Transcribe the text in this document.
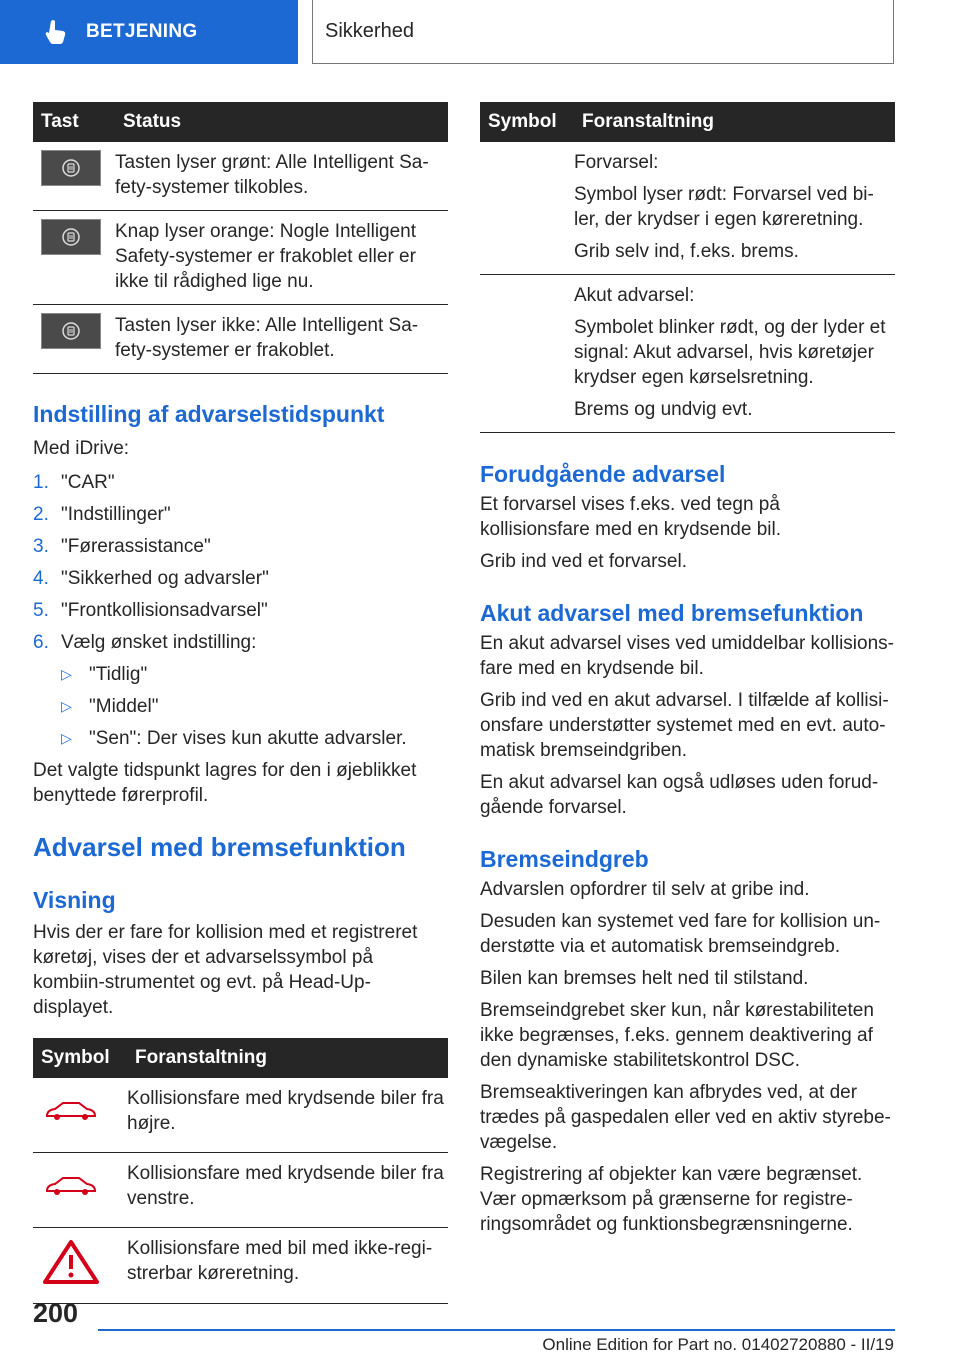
BETJENING	Sikkerhed
Tast	Status

	Tasten lyser grønt: Alle Intelligent Sa-fety-systemer tilkobles.

	Knap lyser orange: Nogle Intelligent Safety-systemer er frakoblet eller er ikke til rådighed lige nu.

	Tasten lyser ikke: Alle Intelligent Sa-fety-systemer er frakoblet.
Indstilling af advarselstidspunkt

Med iDrive:

1. "CAR"
2. "Indstillinger"
3. "Førerassistance"
4. "Sikkerhed og advarsler"
5. "Frontkollisionsadvarsel"
6. Vælg ønsket indstilling:
▷ "Tidlig"
▷ "Middel"
▷ "Sen": Der vises kun akutte advarsler.

Det valgte tidspunkt lagres for den i øjeblikket benyttede førerprofil.

Advarsel med bremsefunktion
Visning

Hvis der er fare for kollision med et registreret køretøj, vises der et advarselssymbol på kombiin-strumentet og evt. på Head-Up-displayet.

Symbol	Foranstaltning
	Kollisionsfare med krydsende biler fra højre.
	Kollisionsfare med krydsende biler fra venstre.
	Kollisionsfare med bil med ikke-regi-strerbar køreretning.
Symbol	Foranstaltning

	Forvarsel:

Symbol lyser rødt: Forvarsel ved bi-ler, der krydser i egen køreretning.

Grib selv ind, f.eks. brems.

	Akut advarsel:

Symbolet blinker rødt, og der lyder et signal: Akut advarsel, hvis køretøjer krydser egen kørselsretning.

Brems og undvig evt.

Forudgående advarsel

Et forvarsel vises f.eks. ved tegn på kollisionsfare med en krydsende bil.

Grib ind ved et forvarsel.

Akut advarsel med bremsefunktion

En akut advarsel vises ved umiddelbar kollisions-fare med en krydsende bil.

Grib ind ved en akut advarsel. I tilfælde af kollisi-onsfare understøtter systemet med en evt. auto-matisk bremseindgriben.

En akut advarsel kan også udløses uden forud-gående forvarsel.

Bremseindgreb

Advarslen opfordrer til selv at gribe ind.

Desuden kan systemet ved fare for kollision un-derstøtte via et automatisk bremseindgreb.

Bilen kan bremses helt ned til stilstand.

Bremseindgrebet sker kun, når kørestabiliteten ikke begrænses, f.eks. gennem deaktivering af den dynamiske stabilitetskontrol DSC.

Bremseaktiveringen kan afbrydes ved, at der trædes på gaspedalen eller ved en aktiv styrebe-vægelse.

Registrering af objekter kan være begrænset. Vær opmærksom på grænserne for registre-ringsområdet og funktionsbegrænsningerne.

200
Online Edition for Part no. 01402720880 - II/19
